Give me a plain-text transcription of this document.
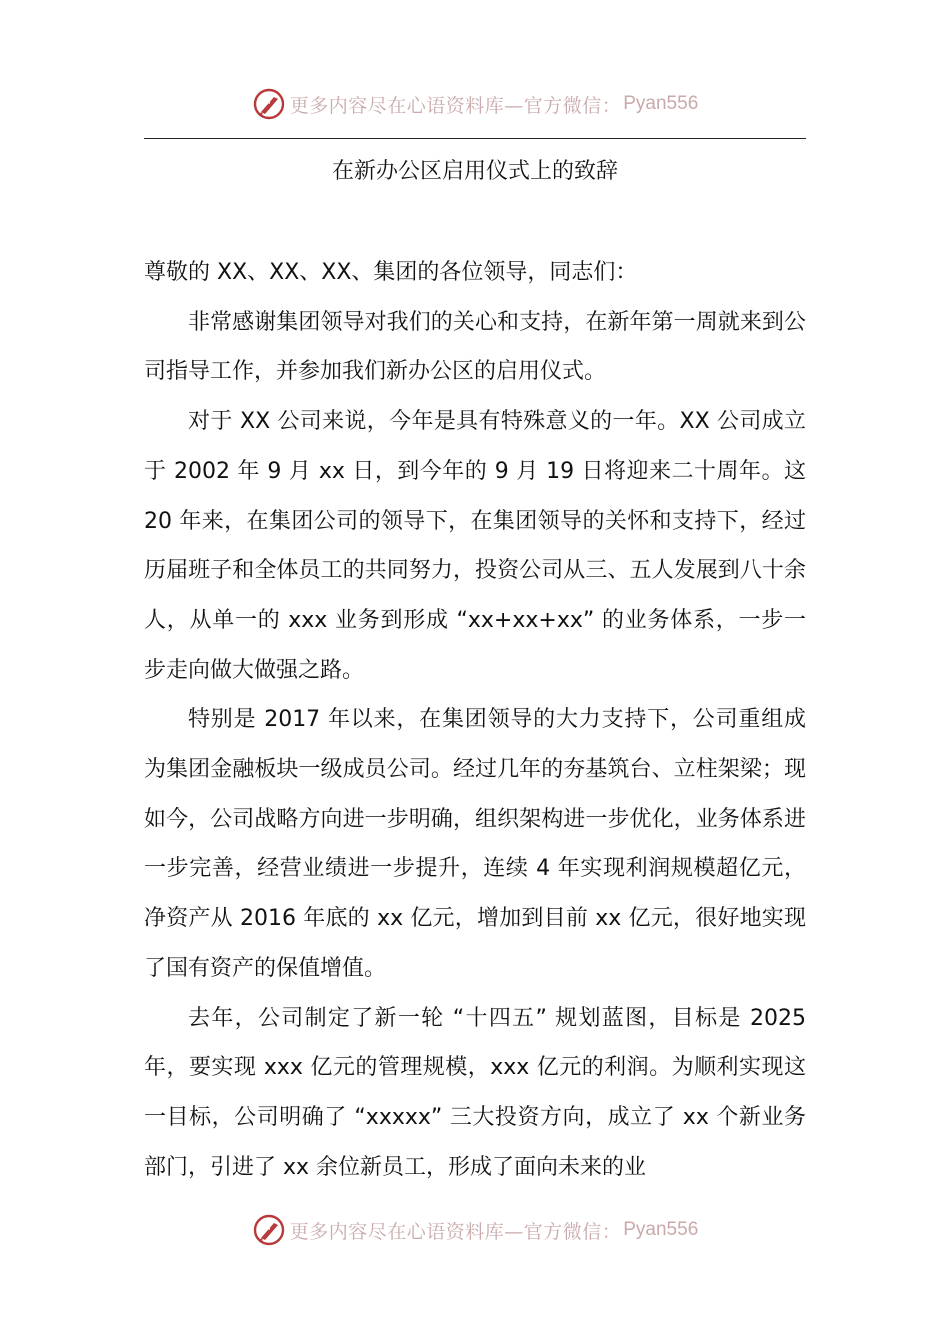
更多内容尽在心语资料库—官方微信： Pyan556
在新办公区启用仪式上的致辞

尊敬的 XX、XX、XX、集团的各位领导，同志们：

非常感谢集团领导对我们的关心和支持，在新年第一周就来到公司指导工作，并参加我们新办公区的启用仪式。

对于 XX 公司来说，今年是具有特殊意义的一年。XX 公司成立于 2002 年 9 月 xx 日，到今年的 9 月 19 日将迎来二十周年。这 20 年来，在集团公司的领导下，在集团领导的关怀和支持下，经过历届班子和全体员工的共同努力，投资公司从三、五人发展到八十余人，从单一的 xxx 业务到形成 “xx+xx+xx” 的业务体系，一步一步走向做大做强之路。

特别是 2017 年以来，在集团领导的大力支持下，公司重组成为集团金融板块一级成员公司。经过几年的夯基筑台、立柱架梁；现如今，公司战略方向进一步明确，组织架构进一步优化，业务体系进一步完善，经营业绩进一步提升，连续 4 年实现利润规模超亿元，净资产从 2016 年底的 xx 亿元，增加到目前 xx 亿元，很好地实现了国有资产的保值增值。

去年，公司制定了新一轮 “十四五” 规划蓝图，目标是 2025 年，要实现 xxx 亿元的管理规模，xxx 亿元的利润。为顺利实现这一目标，公司明确了 “xxxxx” 三大投资方向，成立了 xx 个新业务部门，引进了 xx 余位新员工，形成了面向未来的业

更多内容尽在心语资料库—官方微信： Pyan556
